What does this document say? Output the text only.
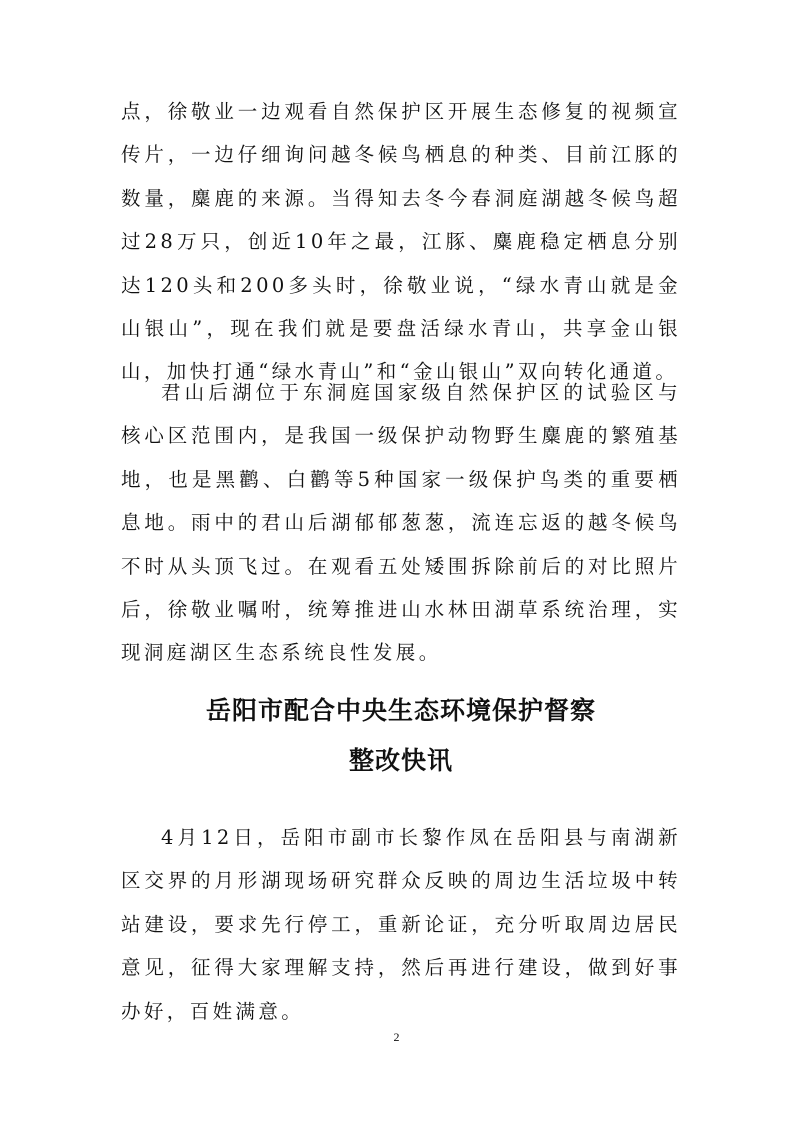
点，徐敬业一边观看自然保护区开展生态修复的视频宣传片，一边仔细询问越冬候鸟栖息的种类、目前江豚的数量，麋鹿的来源。当得知去冬今春洞庭湖越冬候鸟超过28万只，创近10年之最，江豚、麋鹿稳定栖息分别达120头和200多头时，徐敬业说，“绿水青山就是金山银山”，现在我们就是要盘活绿水青山，共享金山银山，加快打通“绿水青山”和“金山银山”双向转化通道。

君山后湖位于东洞庭国家级自然保护区的试验区与核心区范围内，是我国一级保护动物野生麋鹿的繁殖基地，也是黑鹳、白鹳等5种国家一级保护鸟类的重要栖息地。雨中的君山后湖郁郁葱葱，流连忘返的越冬候鸟不时从头顶飞过。在观看五处矮围拆除前后的对比照片后，徐敬业嘱咐，统筹推进山水林田湖草系统治理，实现洞庭湖区生态系统良性发展。

岳阳市配合中央生态环境保护督察
整改快讯

4月12日，岳阳市副市长黎作凤在岳阳县与南湖新区交界的月形湖现场研究群众反映的周边生活垃圾中转站建设，要求先行停工，重新论证，充分听取周边居民意见，征得大家理解支持，然后再进行建设，做到好事办好，百姓满意。

2
